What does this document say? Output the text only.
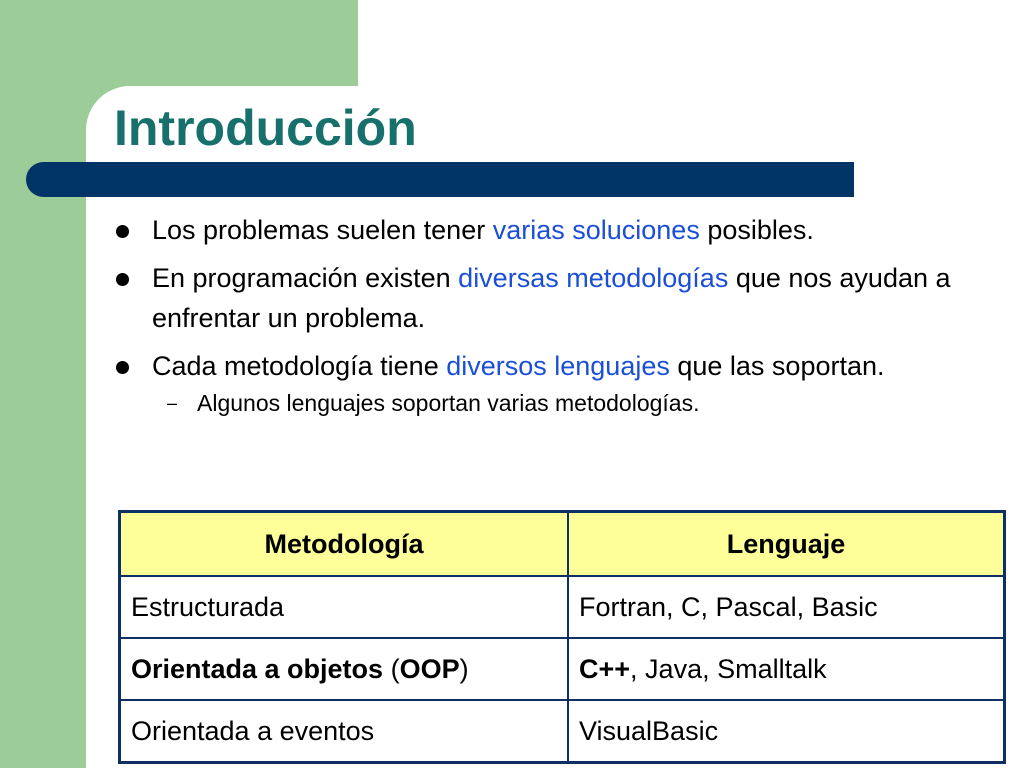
Introducción
Los problemas suelen tener varias soluciones posibles.
En programación existen diversas metodologías que nos ayudan a enfrentar un problema.
Cada metodología tiene diversos lenguajes que las soportan.
– Algunos lenguajes soportan varias metodologías.
Metodología	Lenguaje
Estructurada	Fortran, C, Pascal, Basic
Orientada a objetos (OOP)	C++, Java, Smalltalk
Orientada a eventos	VisualBasic
